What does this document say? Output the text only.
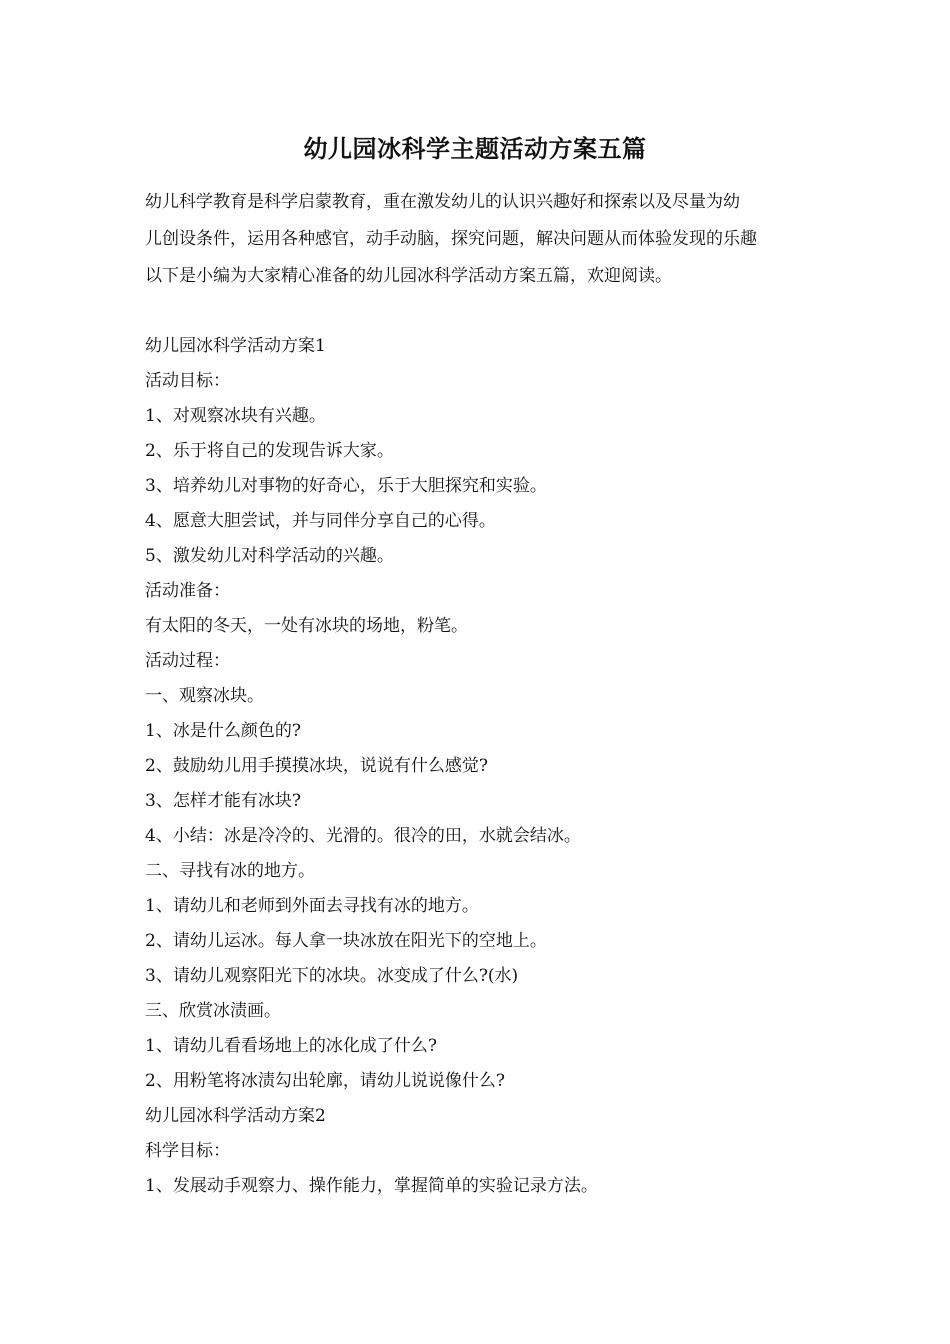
幼儿园冰科学主题活动方案五篇

幼儿科学教育是科学启蒙教育，重在激发幼儿的认识兴趣好和探索以及尽量为幼

儿创设条件，运用各种感官，动手动脑，探究问题，解决问题从而体验发现的乐趣

以下是小编为大家精心准备的幼儿园冰科学活动方案五篇，欢迎阅读。

幼儿园冰科学活动方案1
活动目标：
1、对观察冰块有兴趣。
2、乐于将自己的发现告诉大家。
3、培养幼儿对事物的好奇心，乐于大胆探究和实验。
4、愿意大胆尝试，并与同伴分享自己的心得。
5、激发幼儿对科学活动的兴趣。
活动准备：
有太阳的冬天，一处有冰块的场地，粉笔。
活动过程：
一、观察冰块。
1、冰是什么颜色的?
2、鼓励幼儿用手摸摸冰块，说说有什么感觉?
3、怎样才能有冰块?
4、小结：冰是冷冷的、光滑的。很冷的田，水就会结冰。
二、寻找有冰的地方。
1、请幼儿和老师到外面去寻找有冰的地方。
2、请幼儿运冰。每人拿一块冰放在阳光下的空地上。
3、请幼儿观察阳光下的冰块。冰变成了什么?(水)
三、欣赏冰渍画。
1、请幼儿看看场地上的冰化成了什么?
2、用粉笔将冰渍勾出轮廓，请幼儿说说像什么?
幼儿园冰科学活动方案2
科学目标：
1、发展动手观察力、操作能力，掌握简单的实验记录方法。
